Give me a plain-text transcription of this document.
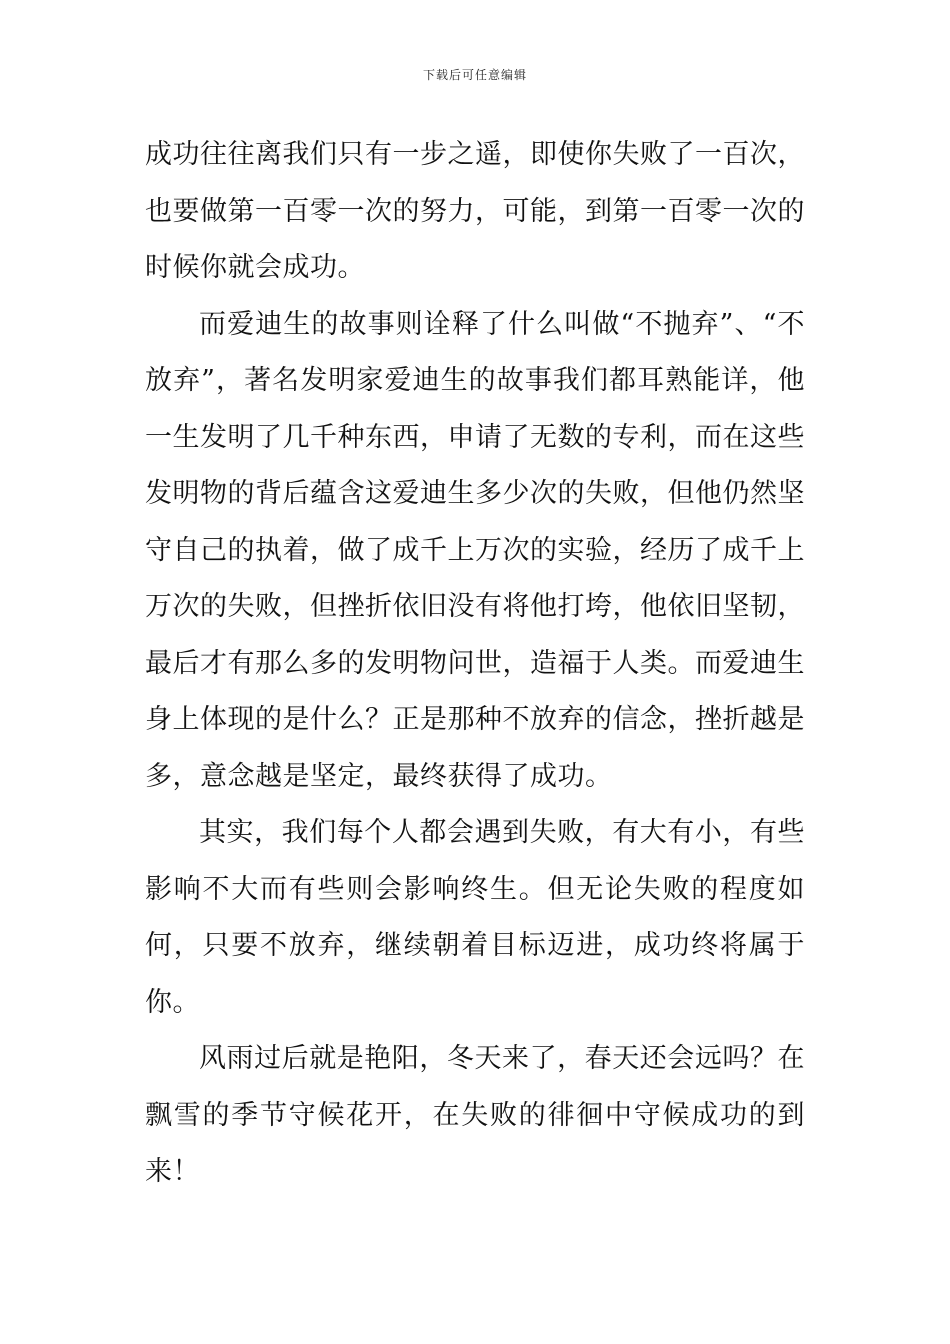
下载后可任意编辑

成功往往离我们只有一步之遥，即使你失败了一百次，也要做第一百零一次的努力，可能，到第一百零一次的时候你就会成功。

而爱迪生的故事则诠释了什么叫做“不抛弃”、“不放弃”，著名发明家爱迪生的故事我们都耳熟能详，他一生发明了几千种东西，申请了无数的专利，而在这些发明物的背后蕴含这爱迪生多少次的失败，但他仍然坚守自己的执着，做了成千上万次的实验，经历了成千上万次的失败，但挫折依旧没有将他打垮，他依旧坚韧，最后才有那么多的发明物问世，造福于人类。而爱迪生身上体现的是什么？正是那种不放弃的信念，挫折越是多，意念越是坚定，最终获得了成功。

其实，我们每个人都会遇到失败，有大有小，有些影响不大而有些则会影响终生。但无论失败的程度如何，只要不放弃，继续朝着目标迈进，成功终将属于你。

风雨过后就是艳阳，冬天来了，春天还会远吗？在飘雪的季节守候花开，在失败的徘徊中守候成功的到来！
